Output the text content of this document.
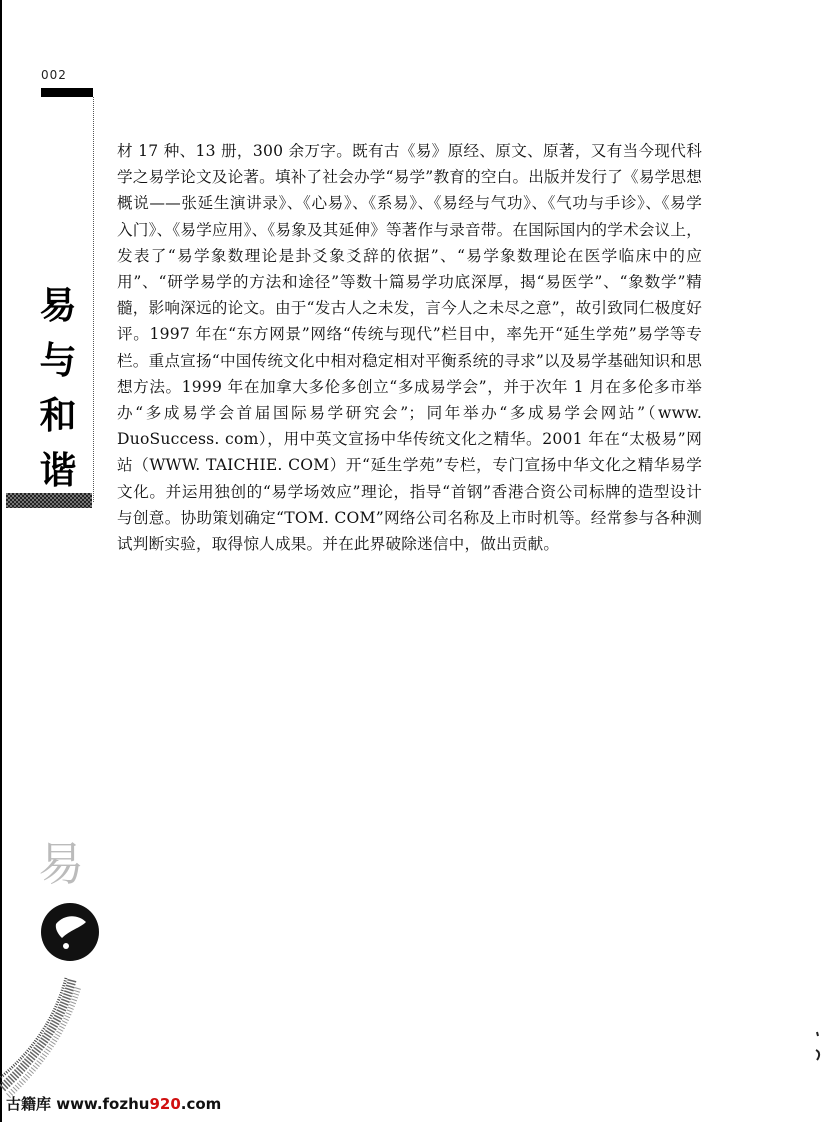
002
易
与
和
谐

材 17 种、13 册，300 余万字。既有古《易》原经、原文、原著，又有当今现代科学之易学论文及论著。填补了社会办学“易学”教育的空白。出版并发行了《易学思想概说——张延生演讲录》、《心易》、《系易》、《易经与气功》、《气功与手诊》、《易学入门》、《易学应用》、《易象及其延伸》等著作与录音带。在国际国内的学术会议上，发表了“易学象数理论是卦爻象爻辞的依据”、“易学象数理论在医学临床中的应用”、“研学易学的方法和途径”等数十篇易学功底深厚，揭“易医学”、“象数学”精髓，影响深远的论文。由于“发古人之未发，言今人之未尽之意”，故引致同仁极度好评。1997 年在“东方网景”网络“传统与现代”栏目中，率先开“延生学苑”易学等专栏。重点宣扬“中国传统文化中相对稳定相对平衡系统的寻求”以及易学基础知识和思想方法。1999 年在加拿大多伦多创立“多成易学会”，并于次年 1 月在多伦多市举办“多成易学会首届国际易学研究会”；同年举办“多成易学会网站”（www. DuoSuccess. com），用中英文宣扬中华传统文化之精华。2001 年在“太极易”网站（WWW. TAICHIE. COM）开“延生学苑”专栏，专门宣扬中华文化之精华易学文化。并运用独创的“易学场效应”理论，指导“首钢”香港合资公司标牌的造型设计与创意。协助策划确定“TOM. COM”网络公司名称及上市时机等。经常参与各种测试判断实验，取得惊人成果。并在此界破除迷信中，做出贡献。

易
古籍库 www.fozhu920.com
